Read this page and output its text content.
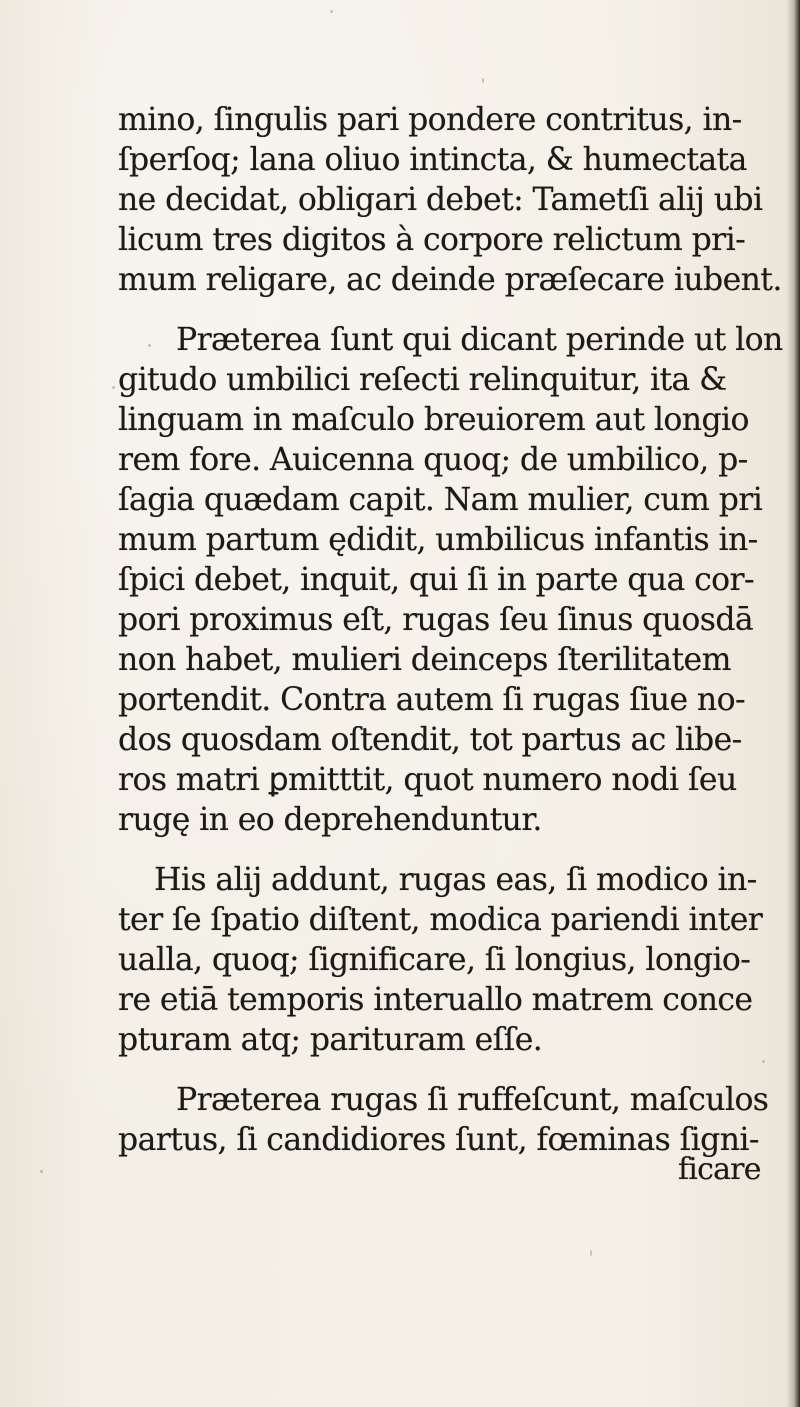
mino, ſingulis pari pondere contritus, in-
ſperſoq; lana oliuo intincta, & humectata
ne decidat, obligari debet: Tametſi alij ubi
licum tres digitos à corpore relictum pri-
mum religare, ac deinde præſecare iubent.
Præterea ſunt qui dicant perinde ut lon
gitudo umbilici reſecti relinquitur, ita &
linguam in maſculo breuiorem aut longio
rem fore. Auicenna quoq; de umbilico, p-
ſagia quædam capit. Nam mulier, cum pri
mum partum ędidit, umbilicus infantis in-
ſpici debet, inquit, qui ſi in parte qua cor-
pori proximus eſt, rugas ſeu ſinus quosdā
non habet, mulieri deinceps ſterilitatem
portendit. Contra autem ſi rugas ſiue no-
dos quosdam oſtendit, tot partus ac libe-
ros matri ꝑmitttit, quot numero nodi ſeu
rugę in eo deprehenduntur.
His alij addunt, rugas eas, ſi modico in-
ter ſe ſpatio diſtent, modica pariendi inter
ualla, quoq; ſignificare, ſi longius, longio-
re etiā temporis interuallo matrem conce
pturam atq; parituram eſſe.
Præterea rugas ſi ruffeſcunt, maſculos
partus, ſi candidiores ſunt, fœminas ſigni-
ficare
